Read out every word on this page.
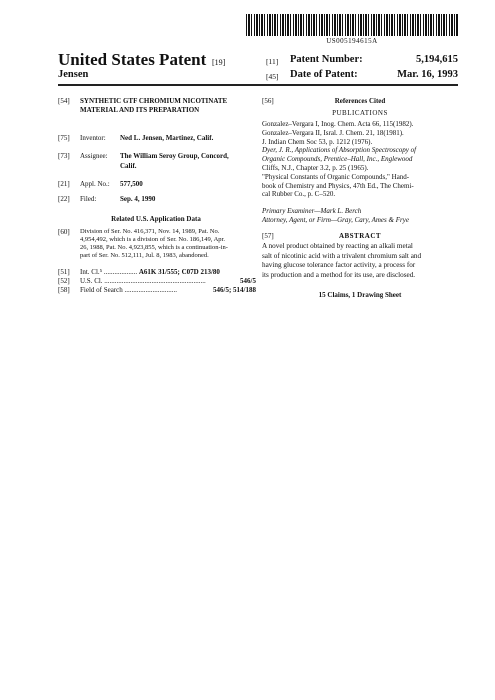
US005194615A
United States Patent [19]
Jensen
[11] Patent Number:	5,194,615
[45] Date of Patent:	Mar. 16, 1993
[54] SYNTHETIC GTF CHROMIUM NICOTINATE MATERIAL AND ITS PREPARATION
[75] Inventor: Ned L. Jensen, Martinez, Calif.
[73] Assignee: The William Seroy Group, Concord,
Calif.
[21] Appl. No.: 577,500
[22] Filed:	Sep. 4, 1990
Related U.S. Application Data
[60] Division of Ser. No. 416,371, Nov. 14, 1989, Pat. No.
4,954,492, which is a division of Ser. No. 186,149, Apr.
26, 1988, Pat. No. 4,923,855, which is a continuation-in-
part of Ser. No. 512,111, Jul. 8, 1983, abandoned.
[51] Int. Cl.⁵ ................... A61K 31/555; C07D 213/80
[52] U.S. Cl. ..........................................................	546/5
[58] Field of Search ..............................	546/5; 514/188
[56]	References Cited
PUBLICATIONS
Gonzalez–Vergara I, Inog. Chem. Acta 66, 115(1982).
Gonzalez–Vergara II, Isral. J. Chem. 21, 18(1981).
J. Indian Chem Soc 53, p. 1212 (1976).
Dyer, J. R., Applications of Absorption Spectroscopy of
Organic Compounds, Prentice–Hall, Inc., Englewood
Cliffs, N.J., Chapter 3.2, p. 25 (1965).
"Physical Constants of Organic Compounds," Hand-
book of Chemistry and Physics, 47th Ed., The Chemi-
cal Rubber Co., p. C–520.
Primary Examiner—Mark L. Berch
Attorney, Agent, or Firm—Gray, Cary, Ames & Frye
[57]	ABSTRACT
A novel product obtained by reacting an alkali metal
salt of nicotinic acid with a trivalent chromium salt and
having glucose tolerance factor activity, a process for
its production and a method for its use, are disclosed.
15 Claims, 1 Drawing Sheet
